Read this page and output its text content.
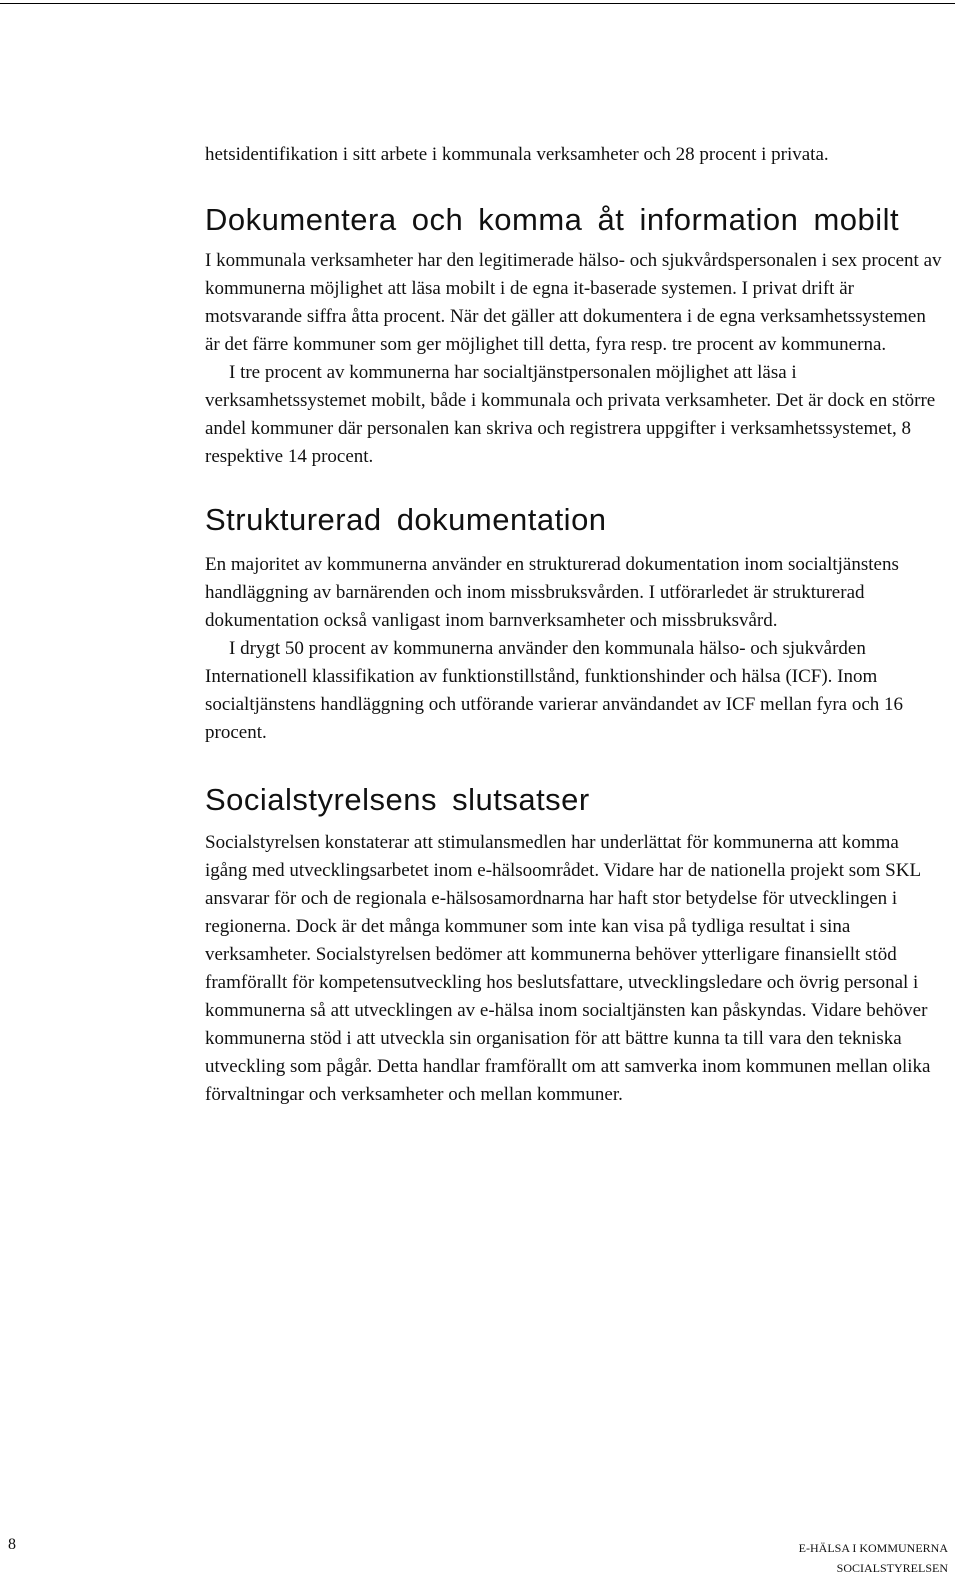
hetsidentifikation i sitt arbete i kommunala verksamheter och 28 procent i privata.

Dokumentera och komma åt information mobilt

I kommunala verksamheter har den legitimerade hälso- och sjukvårdspersonalen i sex procent av kommunerna möjlighet att läsa mobilt i de egna it-baserade systemen. I privat drift är motsvarande siffra åtta procent. När det gäller att dokumentera i de egna verksamhetssystemen är det färre kommuner som ger möjlighet till detta, fyra resp. tre procent av kommunerna.

I tre procent av kommunerna har socialtjänstpersonalen möjlighet att läsa i verksamhetssystemet mobilt, både i kommunala och privata verksamheter. Det är dock en större andel kommuner där personalen kan skriva och registrera uppgifter i verksamhetssystemet, 8 respektive 14 procent.

Strukturerad dokumentation

En majoritet av kommunerna använder en strukturerad dokumentation inom socialtjänstens handläggning av barnärenden och inom missbruksvården. I utförarledet är strukturerad dokumentation också vanligast inom barnverksamheter och missbruksvård.

I drygt 50 procent av kommunerna använder den kommunala hälso- och sjukvården Internationell klassifikation av funktionstillstånd, funktionshinder och hälsa (ICF). Inom socialtjänstens handläggning och utförande varierar användandet av ICF mellan fyra och 16 procent.

Socialstyrelsens slutsatser

Socialstyrelsen konstaterar att stimulansmedlen har underlättat för kommunerna att komma igång med utvecklingsarbetet inom e-hälsoområdet. Vidare har de nationella projekt som SKL ansvarar för och de regionala e-hälsosamordnarna har haft stor betydelse för utvecklingen i regionerna. Dock är det många kommuner som inte kan visa på tydliga resultat i sina verksamheter. Socialstyrelsen bedömer att kommunerna behöver ytterligare finansiellt stöd framförallt för kompetensutveckling hos beslutsfattare, utvecklingsledare och övrig personal i kommunerna så att utvecklingen av e-hälsa inom socialtjänsten kan påskyndas. Vidare behöver kommunerna stöd i att utveckla sin organisation för att bättre kunna ta till vara den tekniska utveckling som pågår. Detta handlar framförallt om att samverka inom kommunen mellan olika förvaltningar och verksamheter och mellan kommuner.

8	E-HÄLSA I KOMMUNERNA
SOCIALSTYRELSEN
